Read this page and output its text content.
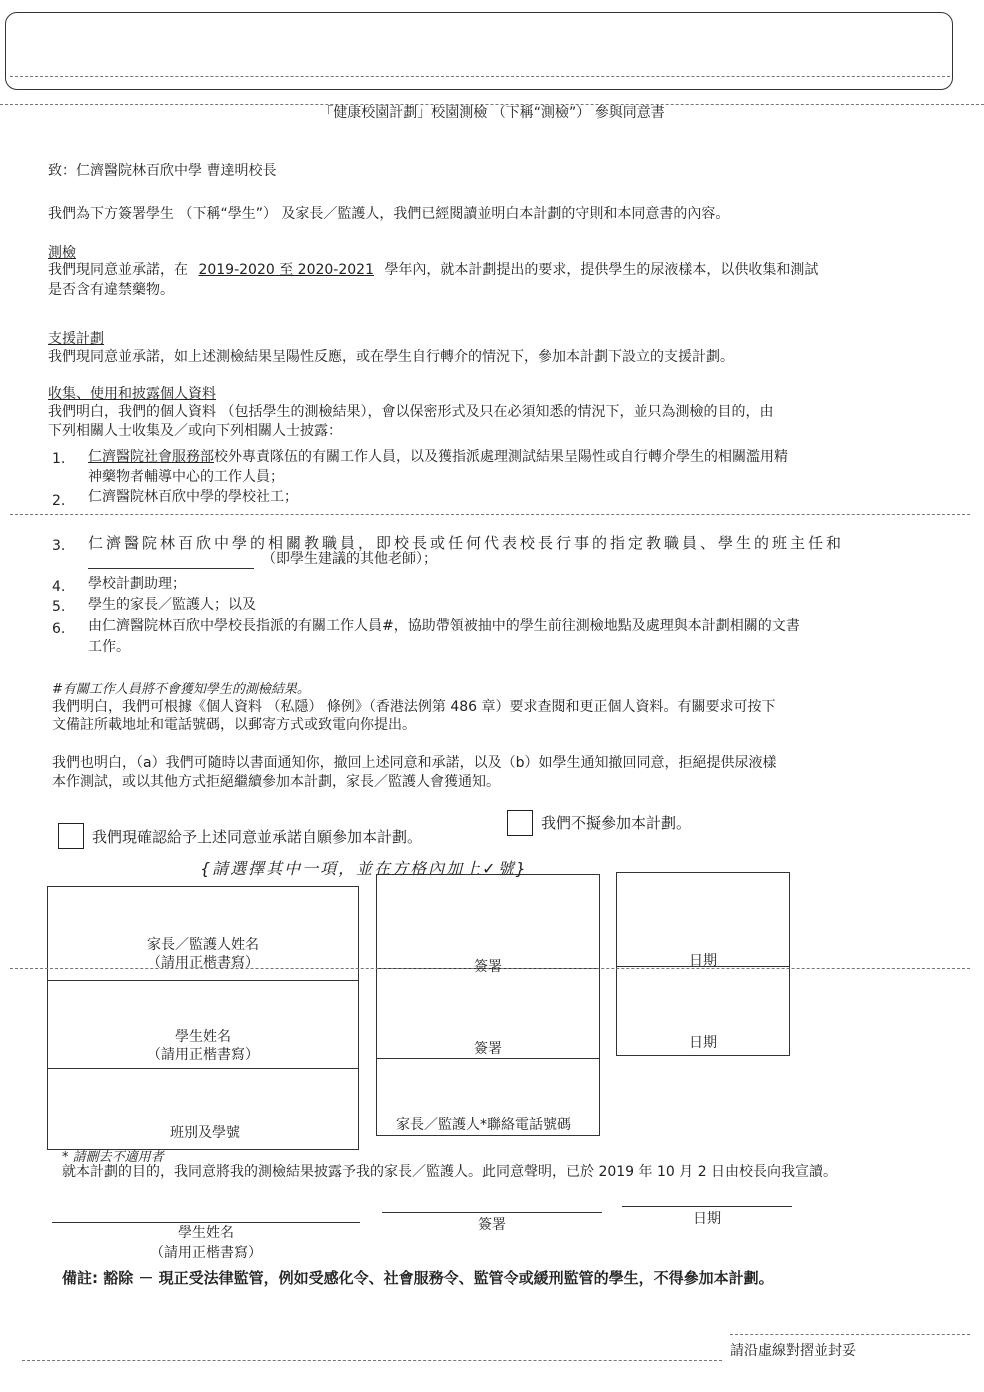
「健康校園計劃」校園測檢 （下稱“測檢”） 參與同意書
致：仁濟醫院林百欣中學 曹達明校長
我們為下方簽署學生 （下稱“學生”） 及家長／監護人，我們已經閱讀並明白本計劃的守則和本同意書的內容。
測檢
我們現同意並承諾，在 2019-2020 至 2020-2021 學年內，就本計劃提出的要求，提供學生的尿液樣本，以供收集和測試
是否含有違禁藥物。
支援計劃
我們現同意並承諾，如上述測檢結果呈陽性反應，或在學生自行轉介的情況下，參加本計劃下設立的支援計劃。
收集、使用和披露個人資料
我們明白，我們的個人資料 （包括學生的測檢結果），會以保密形式及只在必須知悉的情況下，並只為測檢的目的，由
下列相關人士收集及／或向下列相關人士披露：
1. 仁濟醫院社會服務部校外專責隊伍的有關工作人員，以及獲指派處理測試結果呈陽性或自行轉介學生的相關濫用精
神藥物者輔導中心的工作人員；
2. 仁濟醫院林百欣中學的學校社工；
3. 仁濟醫院林百欣中學的相關教職員，即校長或任何代表校長行事的指定教職員、學生的班主任和
（即學生建議的其他老師）；
4. 學校計劃助理；
5. 學生的家長／監護人；以及
6. 由仁濟醫院林百欣中學校長指派的有關工作人員#，協助帶領被抽中的學生前往測檢地點及處理與本計劃相關的文書
工作。
#有關工作人員將不會獲知學生的測檢結果。
我們明白，我們可根據《個人資料 （私隱） 條例》（香港法例第 486 章）要求查閱和更正個人資料。有關要求可按下
文備註所載地址和電話號碼，以郵寄方式或致電向你提出。
我們也明白，（a）我們可隨時以書面通知你，撤回上述同意和承諾，以及（b）如學生通知撤回同意，拒絕提供尿液樣
本作測試，或以其他方式拒絕繼續參加本計劃，家長／監護人會獲通知。
我們現確認給予上述同意並承諾自願參加本計劃。
我們不擬參加本計劃。
{請選擇其中一項，並在方格內加上✓號}
家長／監護人姓名
（請用正楷書寫）	簽署	日期
學生姓名
（請用正楷書寫）	簽署	日期
班別及學號	家長／監護人*聯絡電話號碼
* 請刪去不適用者
就本計劃的目的，我同意將我的測檢結果披露予我的家長／監護人。此同意聲明，已於 2019 年 10 月 2 日由校長向我宣讀。
學生姓名
（請用正楷書寫）
簽署	日期
備註: 豁除 － 現正受法律監管，例如受感化令、社會服務令、監管令或緩刑監管的學生，不得參加本計劃。
請沿虛線對摺並封妥
